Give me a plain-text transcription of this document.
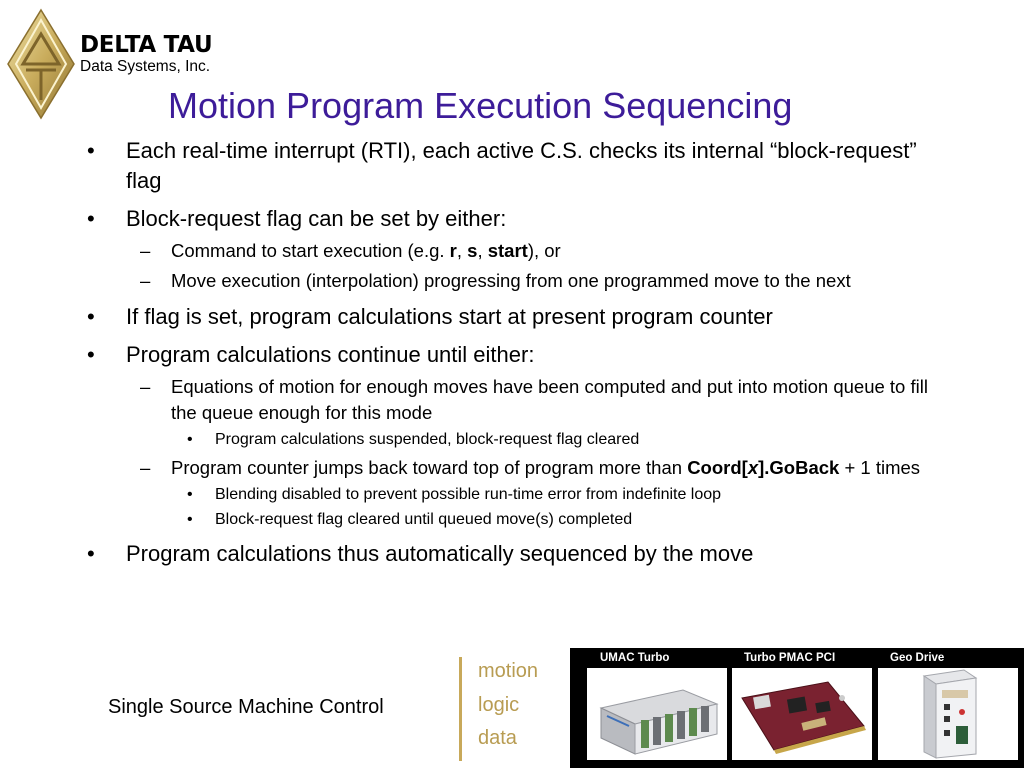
DELTA TAU
Data Systems, Inc.
Motion Program Execution Sequencing
• Each real-time interrupt (RTI), each active C.S. checks its internal “block-request” flag
• Block-request flag can be set by either:
– Command to start execution (e.g. r, s, start), or
– Move execution (interpolation) progressing from one programmed move to the next
• If flag is set, program calculations start at present program counter
• Program calculations continue until either:
– Equations of motion for enough moves have been computed and put into motion queue to fill the queue enough for this mode
• Program calculations suspended, block-request flag cleared
– Program counter jumps back toward top of program more than Coord[x].GoBack + 1 times
• Blending disabled to prevent possible run-time error from indefinite loop
• Block-request flag cleared until queued move(s) completed
• Program calculations thus automatically sequenced by the move
Single Source Machine Control
motion
logic
data
UMAC Turbo	Turbo PMAC PCI	Geo Drive
